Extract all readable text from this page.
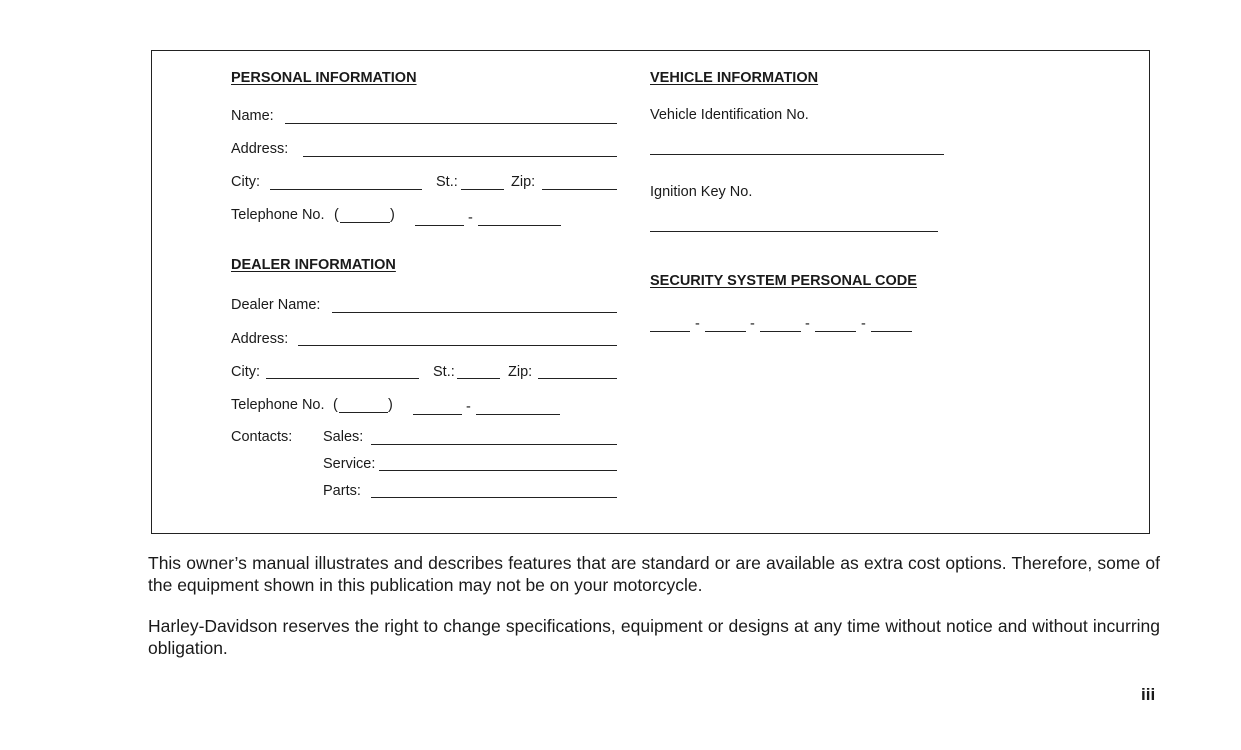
PERSONAL INFORMATION
Name:
Address:
City:	St.:	Zip:
Telephone No. (	)	-
DEALER INFORMATION
Dealer Name:
Address:
City:	St.:	Zip:
Telephone No. (	)	-
Contacts: Sales:
Service:
Parts:
VEHICLE INFORMATION
Vehicle Identification No.
Ignition Key No.
SECURITY SYSTEM PERSONAL CODE
-	-	-	-
This owner’s manual illustrates and describes features that are standard or are available as extra cost options. Therefore, some of the equipment shown in this publication may not be on your motorcycle.
Harley-Davidson reserves the right to change specifications, equipment or designs at any time without notice and without incurring obligation.
iii
